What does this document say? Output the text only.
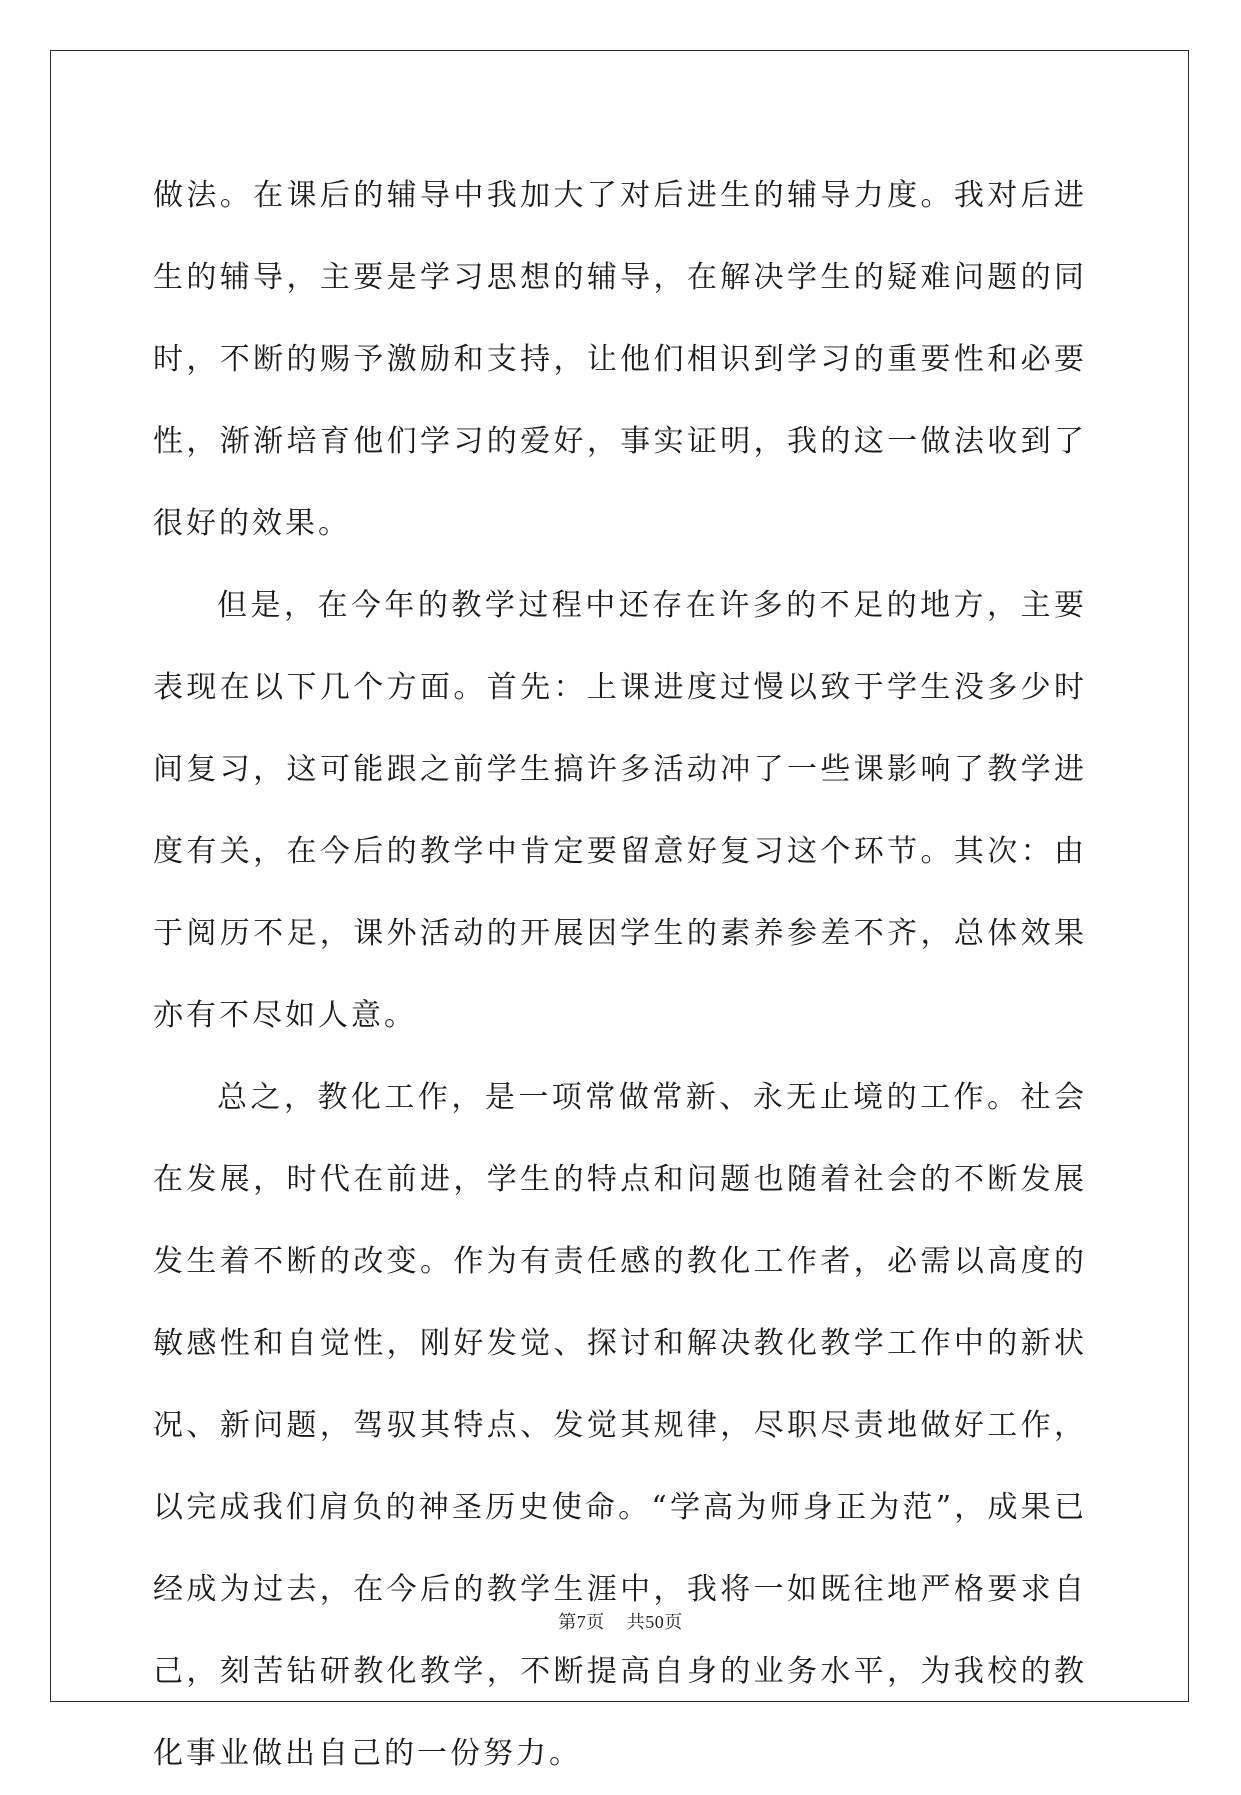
做法。在课后的辅导中我加大了对后进生的辅导力度。我对后进生的辅导，主要是学习思想的辅导，在解决学生的疑难问题的同时，不断的赐予激励和支持，让他们相识到学习的重要性和必要性，渐渐培育他们学习的爱好，事实证明，我的这一做法收到了很好的效果。

但是，在今年的教学过程中还存在许多的不足的地方，主要表现在以下几个方面。首先：上课进度过慢以致于学生没多少时间复习，这可能跟之前学生搞许多活动冲了一些课影响了教学进度有关，在今后的教学中肯定要留意好复习这个环节。其次：由于阅历不足，课外活动的开展因学生的素养参差不齐，总体效果亦有不尽如人意。

总之，教化工作，是一项常做常新、永无止境的工作。社会在发展，时代在前进，学生的特点和问题也随着社会的不断发展发生着不断的改变。作为有责任感的教化工作者，必需以高度的敏感性和自觉性，刚好发觉、探讨和解决教化教学工作中的新状况、新问题，驾驭其特点、发觉其规律，尽职尽责地做好工作，以完成我们肩负的神圣历史使命。“学高为师身正为范”，成果已经成为过去，在今后的教学生涯中，我将一如既往地严格要求自己，刻苦钻研教化教学，不断提高自身的业务水平，为我校的教化事业做出自己的一份努力。

第7页 共50页
